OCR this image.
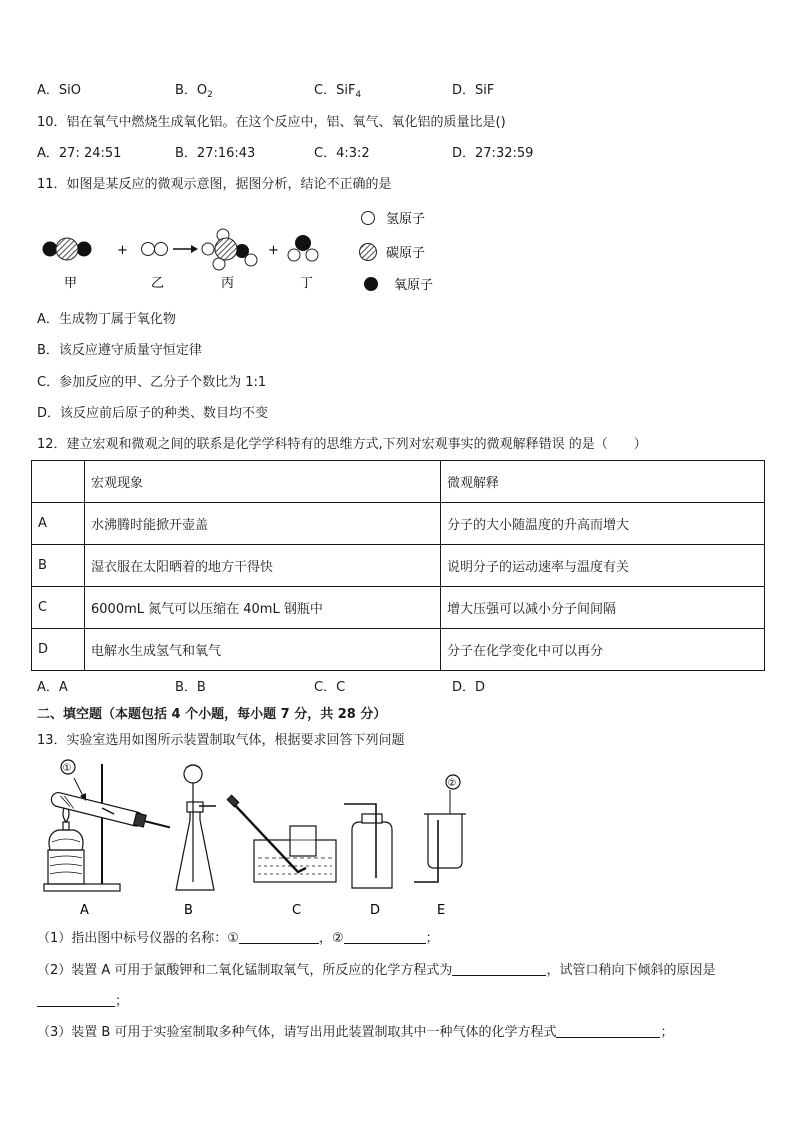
A．SiO	B．$O_2$	C．SiF$_4$	D．SiF
10．铝在氧气中燃烧生成氧化铝。在这个反应中，铝、氧气、氧化铝的质量比是()
A．27: 24:51	B．27:16:43	C．4:3:2	D．27:32:59
11．如图是某反应的微观示意图，据图分析，结论不正确的是
+	+
甲	乙	丙	丁
氢原子
碳原子
氧原子
A．生成物丁属于氧化物
B．该反应遵守质量守恒定律
C．参加反应的甲、乙分子个数比为 1:1
D．该反应前后原子的种类、数目均不变
12．建立宏观和微观之间的联系是化学学科特有的思维方式,下列对宏观事实的微观解释错误 的是（　　）
	宏观现象	微观解释
A	水沸腾时能掀开壶盖	分子的大小随温度的升高而增大
B	湿衣服在太阳晒着的地方干得快	说明分子的运动速率与温度有关
C	6000mL 氮气可以压缩在 40mL 钢瓶中	增大压强可以减小分子间间隔
D	电解水生成氢气和氧气	分子在化学变化中可以再分
A．A	B．B	C．C	D．D
二、填空题（本题包括 4 个小题，每小题 7 分，共 28 分）
13．实验室选用如图所示装置制取气体，根据要求回答下列问题
①
A	B	C	D
②
E
（1）指出图中标号仪器的名称：①	，②	；
（2）装置 A 可用于氯酸钾和二氧化锰制取氧气，所反应的化学方程式为	，试管口稍向下倾斜的原因是
；
（3）装置 B 可用于实验室制取多种气体，请写出用此装置制取其中一种气体的化学方程式	；
